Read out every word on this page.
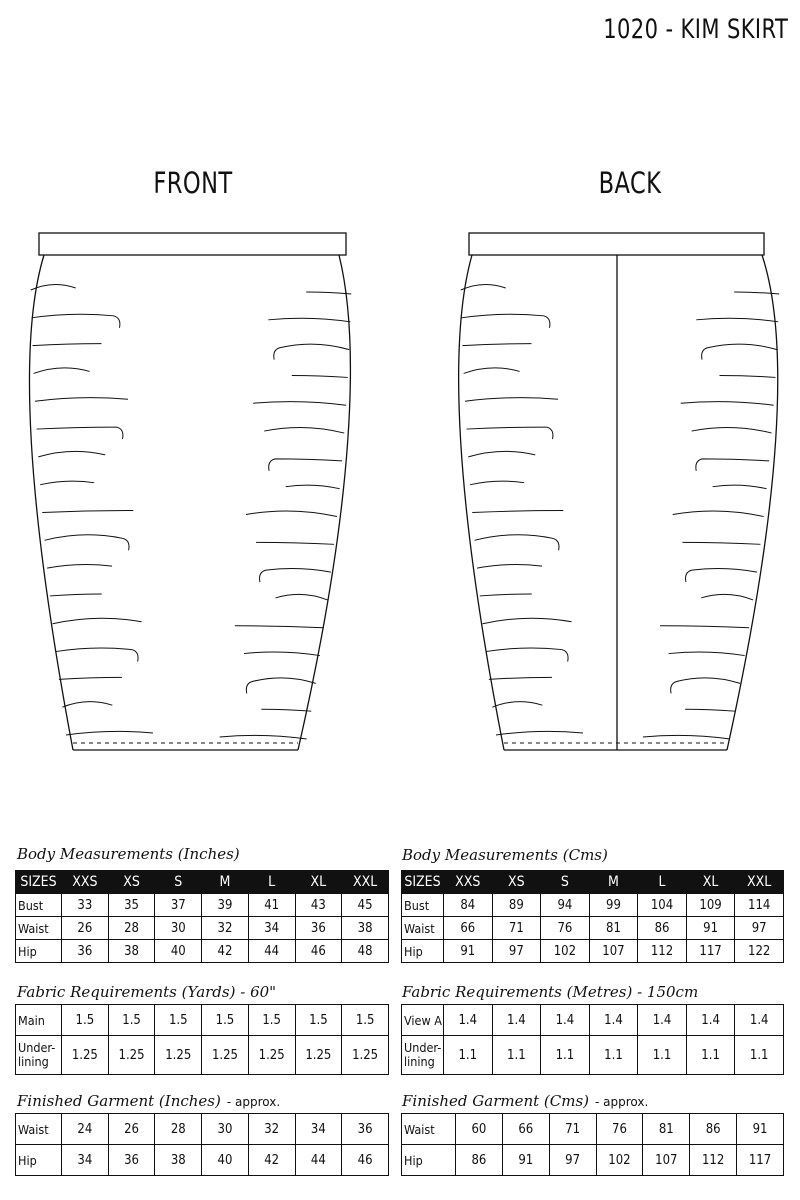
1020 - KIM SKIRT
FRONT	BACK
Body Measurements (Inches)
SIZES	XXS	XS	S	M	L	XL	XXL
Bust	33	35	37	39	41	43	45
Waist	26	28	30	32	34	36	38
Hip	36	38	40	42	44	46	48
Body Measurements (Cms)
SIZES	XXS	XS	S	M	L	XL	XXL
Bust	84	89	94	99	104	109	114
Waist	66	71	76	81	86	91	97
Hip	91	97	102	107	112	117	122
Fabric Requirements (Yards) - 60"
Main	1.5	1.5	1.5	1.5	1.5	1.5	1.5
Under-
lining	1.25	1.25	1.25	1.25	1.25	1.25	1.25
Fabric Requirements (Metres) - 150cm
View A	1.4	1.4	1.4	1.4	1.4	1.4	1.4
Under-
lining	1.1	1.1	1.1	1.1	1.1	1.1	1.1
Finished Garment (Inches) - approx.
Waist	24	26	28	30	32	34	36
Hip	34	36	38	40	42	44	46
Finished Garment (Cms) - approx.
Waist	60	66	71	76	81	86	91
Hip	86	91	97	102	107	112	117
